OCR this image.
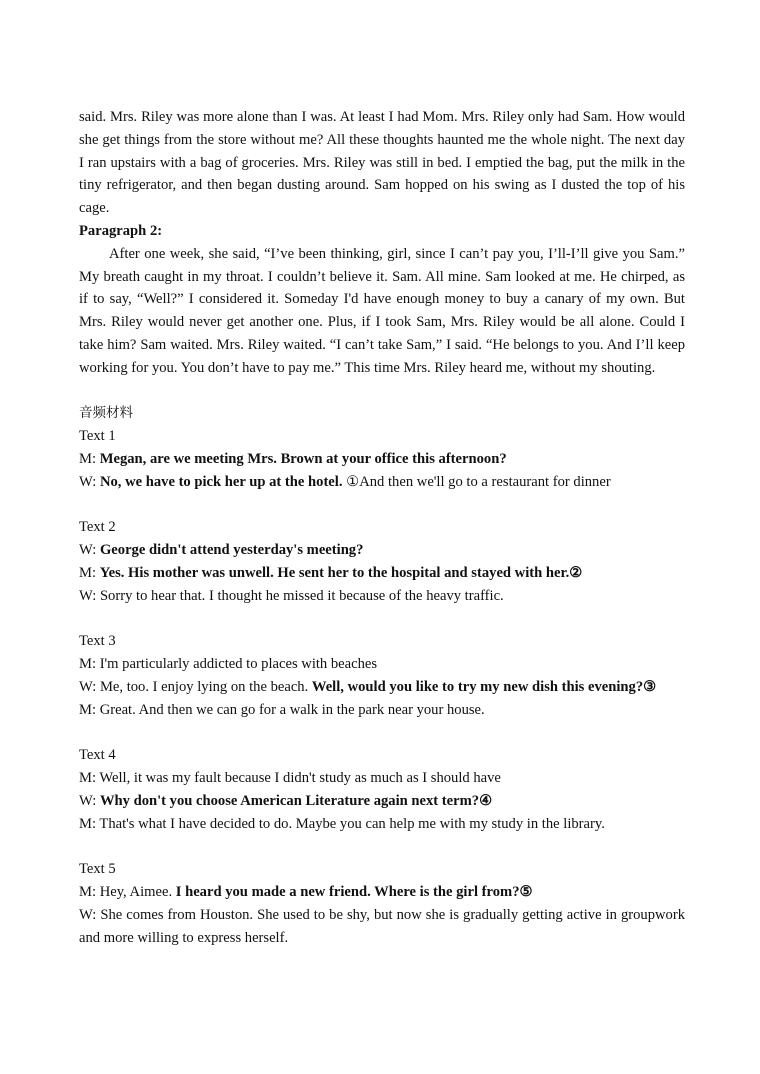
said. Mrs. Riley was more alone than I was. At least I had Mom. Mrs. Riley only had Sam. How would she get things from the store without me? All these thoughts haunted me the whole night. The next day I ran upstairs with a bag of groceries. Mrs. Riley was still in bed. I emptied the bag, put the milk in the tiny refrigerator, and then began dusting around. Sam hopped on his swing as I dusted the top of his cage.

Paragraph 2:

After one week, she said, “I’ve been thinking, girl, since I can’t pay you, I’ll-I’ll give you Sam.” My breath caught in my throat. I couldn’t believe it. Sam. All mine. Sam looked at me. He chirped, as if to say, “Well?” I considered it. Someday I'd have enough money to buy a canary of my own. But Mrs. Riley would never get another one. Plus, if I took Sam, Mrs. Riley would be all alone. Could I take him? Sam waited. Mrs. Riley waited. “I can’t take Sam,” I said. “He belongs to you. And I’ll keep working for you. You don’t have to pay me.” This time Mrs. Riley heard me, without my shouting.

音频材料

Text 1

M: Megan, are we meeting Mrs. Brown at your office this afternoon?

W: No, we have to pick her up at the hotel. ①And then we'll go to a restaurant for dinner

Text 2

W: George didn't attend yesterday's meeting?

M: Yes. His mother was unwell. He sent her to the hospital and stayed with her.②

W: Sorry to hear that. I thought he missed it because of the heavy traffic.

Text 3

M: I'm particularly addicted to places with beaches

W: Me, too. I enjoy lying on the beach. Well, would you like to try my new dish this evening?③

M: Great. And then we can go for a walk in the park near your house.

Text 4

M: Well, it was my fault because I didn't study as much as I should have

W: Why don't you choose American Literature again next term?④

M: That's what I have decided to do. Maybe you can help me with my study in the library.

Text 5

M: Hey, Aimee. I heard you made a new friend. Where is the girl from?⑤

W: She comes from Houston. She used to be shy, but now she is gradually getting active in groupwork and more willing to express herself.
